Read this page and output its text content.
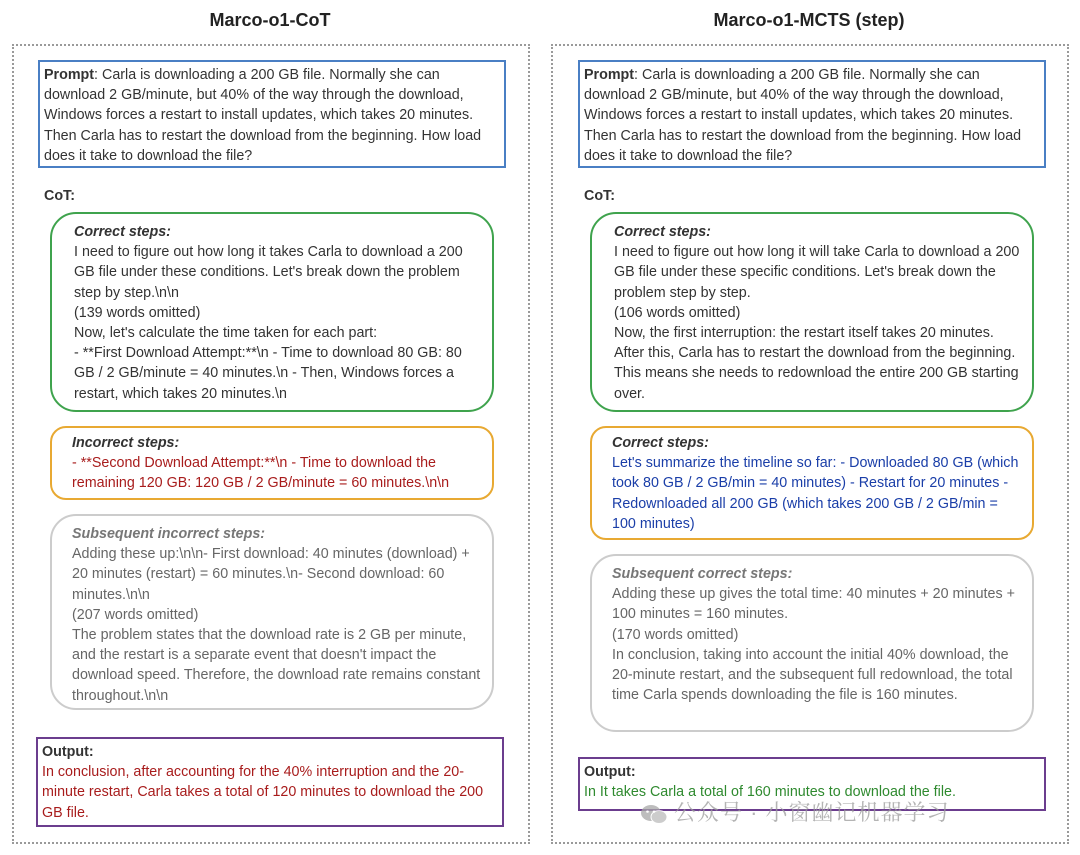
Marco-o1-CoT
Prompt: Carla is downloading a 200 GB file. Normally she can download 2 GB/minute, but 40% of the way through the download, Windows forces a restart to install updates, which takes 20 minutes. Then Carla has to restart the download from the beginning. How load does it take to download the file?
CoT:
Correct steps:
I need to figure out how long it takes Carla to download a 200 GB file under these conditions. Let's break down the problem step by step.\n\n
(139 words omitted)
Now, let's calculate the time taken for each part:
- **First Download Attempt:**\n - Time to download 80 GB: 80 GB / 2 GB/minute = 40 minutes.\n - Then, Windows forces a restart, which takes 20 minutes.\n
Incorrect steps:
- **Second Download Attempt:**\n - Time to download the remaining 120 GB: 120 GB / 2 GB/minute = 60 minutes.\n\n
Subsequent incorrect steps:
Adding these up:\n\n- First download: 40 minutes (download) + 20 minutes (restart) = 60 minutes.\n- Second download: 60 minutes.\n\n
(207 words omitted)
The problem states that the download rate is 2 GB per minute, and the restart is a separate event that doesn't impact the download speed. Therefore, the download rate remains constant throughout.\n\n
Output:
In conclusion, after accounting for the 40% interruption and the 20-minute restart, Carla takes a total of 120 minutes to download the 200 GB file.
Marco-o1-MCTS (step)
Prompt: Carla is downloading a 200 GB file. Normally she can download 2 GB/minute, but 40% of the way through the download, Windows forces a restart to install updates, which takes 20 minutes. Then Carla has to restart the download from the beginning. How load does it take to download the file?
CoT:
Correct steps:
I need to figure out how long it will take Carla to download a 200 GB file under these specific conditions. Let's break down the problem step by step.
(106 words omitted)
Now, the first interruption: the restart itself takes 20 minutes. After this, Carla has to restart the download from the beginning. This means she needs to redownload the entire 200 GB starting over.
Correct steps:
Let's summarize the timeline so far: - Downloaded 80 GB (which took 80 GB / 2 GB/min = 40 minutes) - Restart for 20 minutes - Redownloaded all 200 GB (which takes 200 GB / 2 GB/min = 100 minutes)
Subsequent correct steps:
Adding these up gives the total time: 40 minutes + 20 minutes + 100 minutes = 160 minutes.
(170 words omitted)
In conclusion, taking into account the initial 40% download, the 20-minute restart, and the subsequent full redownload, the total time Carla spends downloading the file is 160 minutes.
Output:
In It takes Carla a total of 160 minutes to download the file.
公众号 · 小窗幽记机器学习
